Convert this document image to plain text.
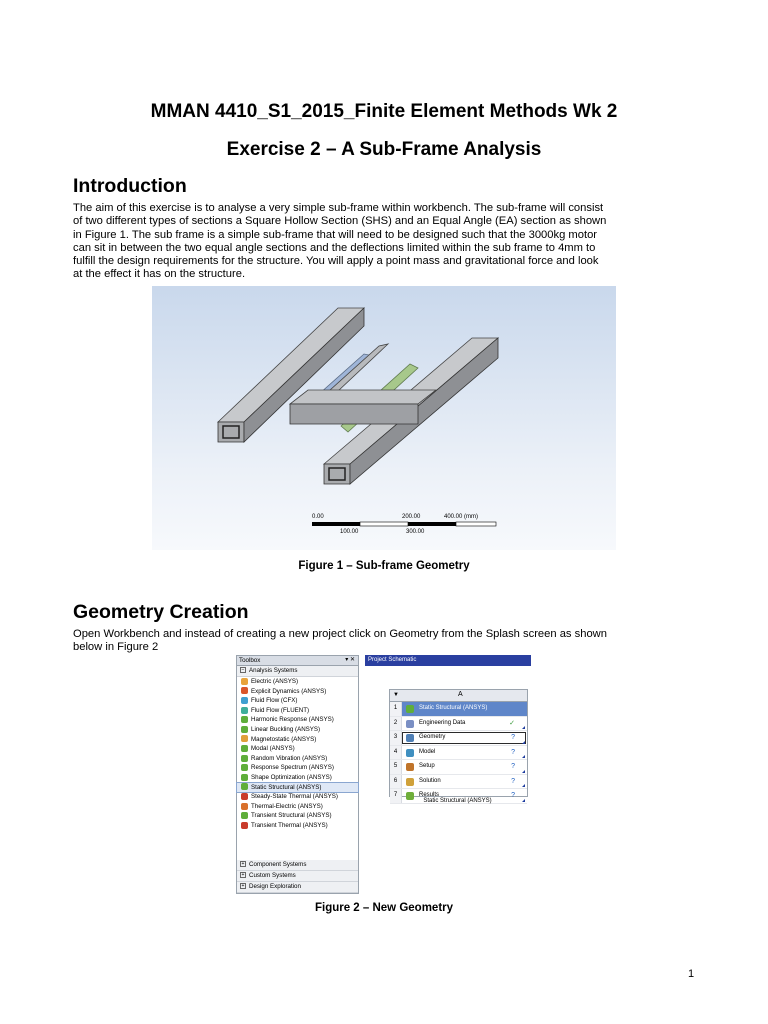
MMAN 4410_S1_2015_Finite Element Methods Wk 2
Exercise 2 – A Sub-Frame Analysis
Introduction
The aim of this exercise is to analyse a very simple sub-frame within workbench. The sub-frame will consist
of two different types of sections a Square Hollow Section (SHS) and an Equal Angle (EA) section as shown
in Figure 1. The sub frame is a simple sub-frame that will need to be designed such that the 3000kg motor
can sit in between the two equal angle sections and the deflections limited within the sub frame to 4mm to
fulfill the design requirements for the structure. You will apply a point mass and gravitational force and look
at the effect it has on the structure.
0.00	200.00	400.00 (mm)
100.00	300.00
Figure 1 – Sub-frame Geometry
Geometry Creation
Open Workbench and instead of creating a new project click on Geometry from the Splash screen as shown
below in Figure 2
Toolbox	▾ ✕
− Analysis Systems
Electric (ANSYS)
Explicit Dynamics (ANSYS)
Fluid Flow (CFX)
Fluid Flow (FLUENT)
Harmonic Response (ANSYS)
Linear Buckling (ANSYS)
Magnetostatic (ANSYS)
Modal (ANSYS)
Random Vibration (ANSYS)
Response Spectrum (ANSYS)
Shape Optimization (ANSYS)
Static Structural (ANSYS)
Steady-State Thermal (ANSYS)
Thermal-Electric (ANSYS)
Transient Structural (ANSYS)
Transient Thermal (ANSYS)
+ Component Systems
+ Custom Systems
+ Design Exploration
Project Schematic
▼	A
1	Static Structural (ANSYS)
2	Engineering Data	✓
3	Geometry	?
4	Model	?
5	Setup	?
6	Solution	?
7	Results	?
Static Structural (ANSYS)
Figure 2 – New Geometry
1
